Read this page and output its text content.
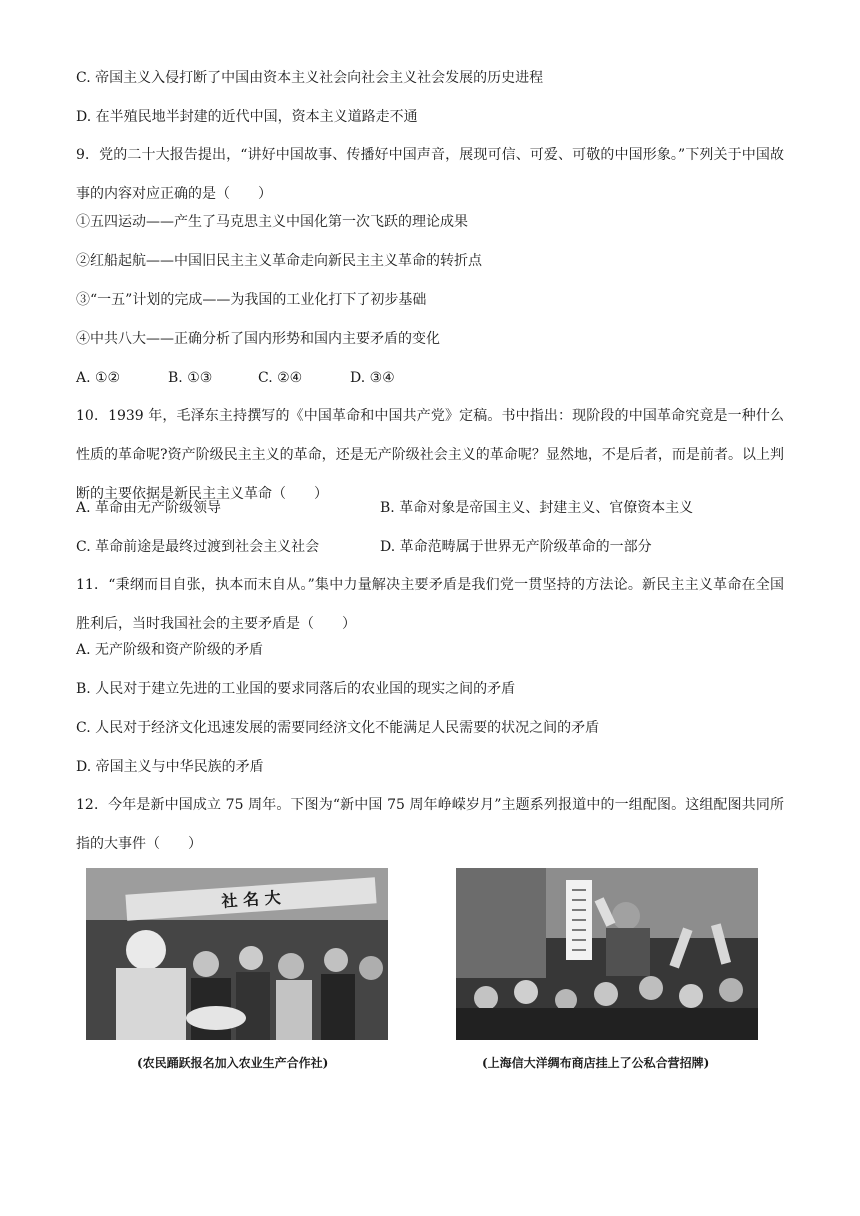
C. 帝国主义入侵打断了中国由资本主义社会向社会主义社会发展的历史进程
D. 在半殖民地半封建的近代中国，资本主义道路走不通
9．党的二十大报告提出，“讲好中国故事、传播好中国声音，展现可信、可爱、可敬的中国形象。”下列关于中国故事的内容对应正确的是（　　）
①五四运动——产生了马克思主义中国化第一次飞跃的理论成果
②红船起航——中国旧民主主义革命走向新民主主义革命的转折点
③“一五”计划的完成——为我国的工业化打下了初步基础
④中共八大——正确分析了国内形势和国内主要矛盾的变化
A. ①②	B. ①③	C. ②④	D. ③④
10．1939 年，毛泽东主持撰写的《中国革命和中国共产党》定稿。书中指出：现阶段的中国革命究竟是一种什么性质的革命呢?资产阶级民主主义的革命，还是无产阶级社会主义的革命呢？显然地，不是后者，而是前者。以上判断的主要依据是新民主主义革命（　　）
A. 革命由无产阶级领导	B. 革命对象是帝国主义、封建主义、官僚资本主义
C. 革命前途是最终过渡到社会主义社会	D. 革命范畴属于世界无产阶级革命的一部分
11．“秉纲而目自张，执本而末自从。”集中力量解决主要矛盾是我们党一贯坚持的方法论。新民主主义革命在全国胜利后，当时我国社会的主要矛盾是（　　）
A. 无产阶级和资产阶级的矛盾
B. 人民对于建立先进的工业国的要求同落后的农业国的现实之间的矛盾
C. 人民对于经济文化迅速发展的需要同经济文化不能满足人民需要的状况之间的矛盾
D. 帝国主义与中华民族的矛盾
12．今年是新中国成立 75 周年。下图为“新中国 75 周年峥嵘岁月”主题系列报道中的一组配图。这组配图共同所指的大事件（　　）
社 名 大
(农民踊跃报名加入农业生产合作社)	(上海信大洋绸布商店挂上了公私合营招牌)
